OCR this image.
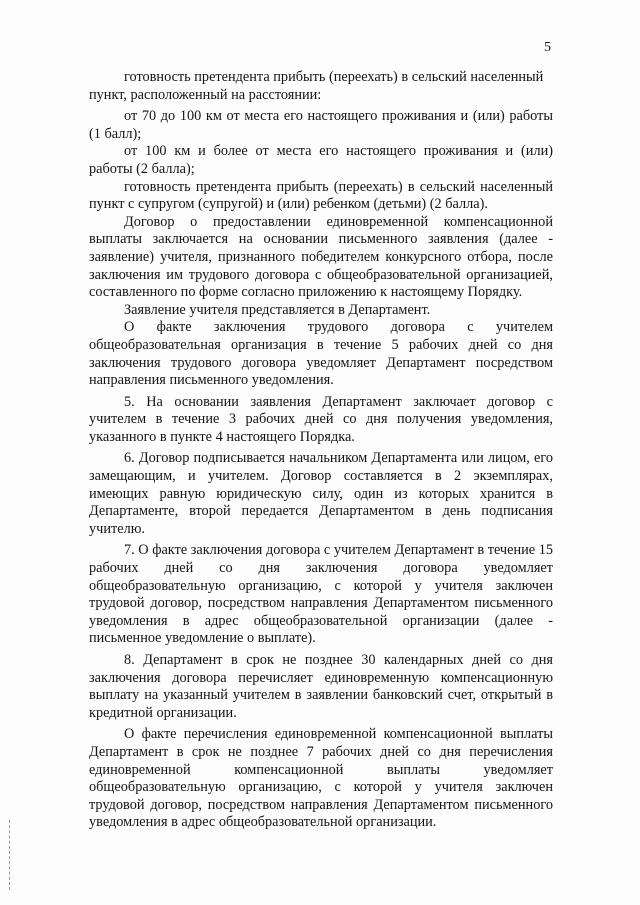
5

готовность претендента прибыть (переехать) в сельский населенный

пункт, расположенный на расстоянии:

от 70 до 100 км от места его настоящего проживания и (или) работы (1 балл);

от 100 км и более от места его настоящего проживания и (или) работы (2 балла);

готовность претендента прибыть (переехать) в сельский населенный пункт с супругом (супругой) и (или) ребенком (детьми) (2 балла).

Договор о предоставлении единовременной компенсационной выплаты заключается на основании письменного заявления (далее - заявление) учителя, признанного победителем конкурсного отбора, после заключения им трудового договора с общеобразовательной организацией, составленного по форме согласно приложению к настоящему Порядку.

Заявление учителя представляется в Департамент.

О факте заключения трудового договора с учителем общеобразовательная организация в течение 5 рабочих дней со дня заключения трудового договора уведомляет Департамент посредством направления письменного уведомления.

5. На основании заявления Департамент заключает договор с учителем в течение 3 рабочих дней со дня получения уведомления, указанного в пункте 4 настоящего Порядка.

6. Договор подписывается начальником Департамента или лицом, его замещающим, и учителем. Договор составляется в 2 экземплярах, имеющих равную юридическую силу, один из которых хранится в Департаменте, второй передается Департаментом в день подписания учителю.

7. О факте заключения договора с учителем Департамент в течение 15 рабочих дней со дня заключения договора уведомляет общеобразовательную организацию, с которой у учителя заключен трудовой договор, посредством направления Департаментом письменного уведомления в адрес общеобразовательной организации (далее - письменное уведомление о выплате).

8. Департамент в срок не позднее 30 календарных дней со дня заключения договора перечисляет единовременную компенсационную выплату на указанный учителем в заявлении банковский счет, открытый в кредитной организации.

О факте перечисления единовременной компенсационной выплаты Департамент в срок не позднее 7 рабочих дней со дня перечисления единовременной компенсационной выплаты уведомляет общеобразовательную организацию, с которой у учителя заключен трудовой договор, посредством направления Департаментом письменного уведомления в адрес общеобразовательной организации.
